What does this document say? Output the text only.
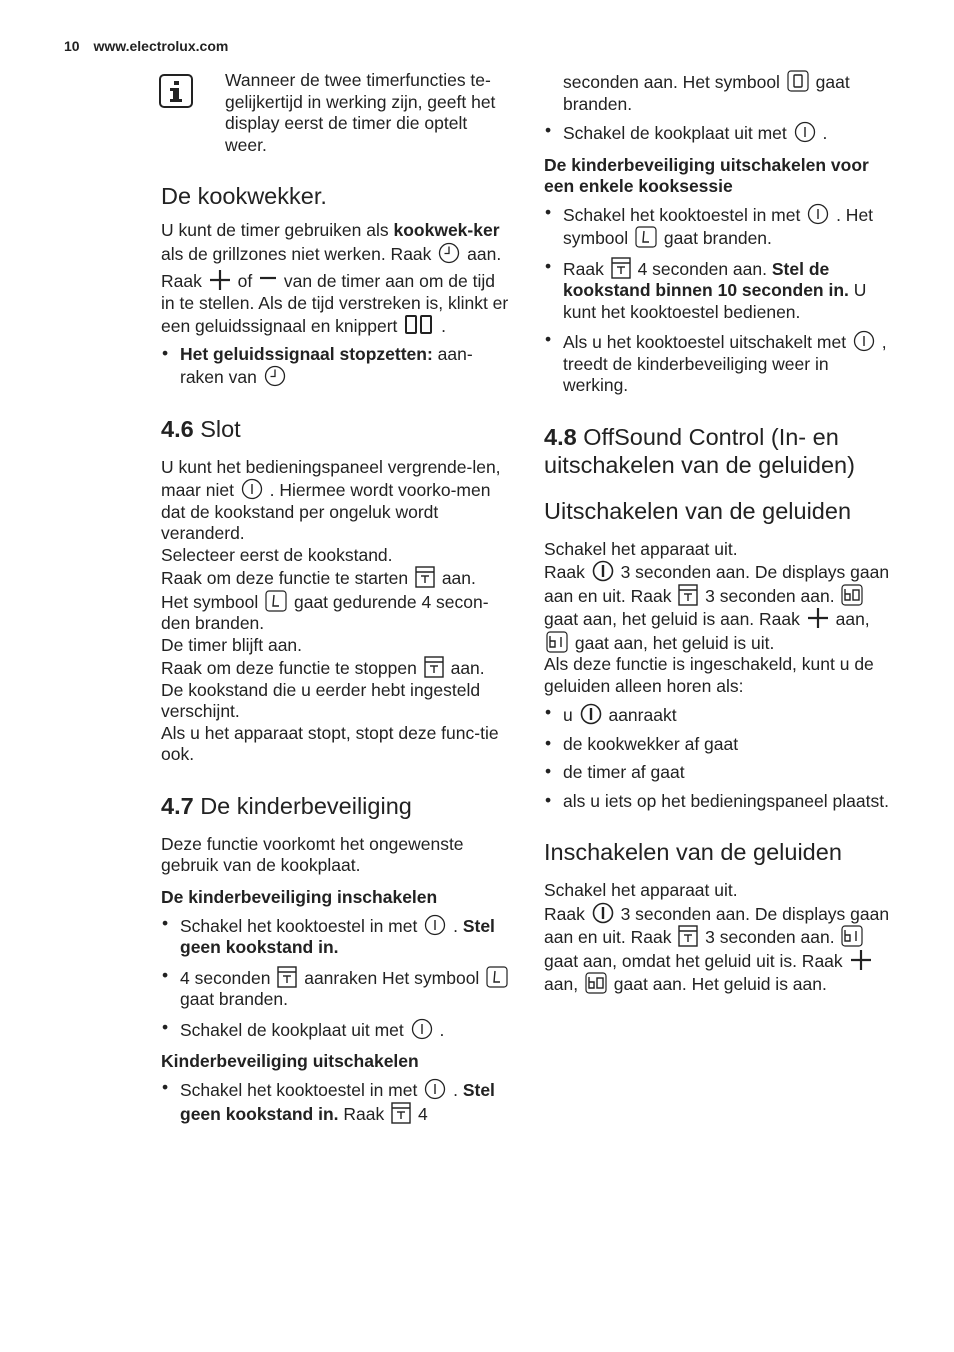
10 www.electrolux.com

Wanneer de twee timerfuncties te-gelijkertijd in werking zijn, geeft het display eerst de timer die optelt weer.

De kookwekker.

U kunt de timer gebruiken als kookwek-ker als de grillzones niet werken. Raak  aan.

Raak  of  van de timer aan om de tijd in te stellen. Als de tijd verstreken is, klinkt er een geluidssignaal en knippert  .

• Het geluidssignaal stopzetten: aan-raken van
4.6 Slot

U kunt het bedieningspaneel vergrende-len, maar niet  . Hiermee wordt voorko-men dat de kookstand per ongeluk wordt veranderd.

Selecteer eerst de kookstand.

Raak om deze functie te starten  aan.

Het symbool  gaat gedurende 4 secon-den branden.

De timer blijft aan.

Raak om deze functie te stoppen  aan.

De kookstand die u eerder hebt ingesteld verschijnt.

Als u het apparaat stopt, stopt deze func-tie ook.

4.7 De kinderbeveiliging

Deze functie voorkomt het ongewenste gebruik van de kookplaat.

De kinderbeveiliging inschakelen
• Schakel het kooktoestel in met  . Stel geen kookstand in.
• 4 seconden  aanraken Het symbool  gaat branden.
• Schakel de kookplaat uit met  .
Kinderbeveiliging uitschakelen
• Schakel het kooktoestel in met  . Stel geen kookstand in. Raak  4

seconden aan. Het symbool  gaat branden.

• Schakel de kookplaat uit met  .
De kinderbeveiliging uitschakelen voor een enkele kooksessie
• Schakel het kooktoestel in met  . Het symbool  gaat branden.
• Raak  4 seconden aan. Stel de kookstand binnen 10 seconden in. U kunt het kooktoestel bedienen.
• Als u het kooktoestel uitschakelt met  , treedt de kinderbeveiliging weer in werking.
4.8 OffSound Control (In- en uitschakelen van de geluiden)
Uitschakelen van de geluiden

Schakel het apparaat uit.

Raak  3 seconden aan. De displays gaan aan en uit. Raak  3 seconden aan.  gaat aan, het geluid is aan. Raak  aan,  gaat aan, het geluid is uit.

Als deze functie is ingeschakeld, kunt u de geluiden alleen horen als:

• u  aanraakt
• de kookwekker af gaat
• de timer af gaat
• als u iets op het bedieningspaneel plaatst.
Inschakelen van de geluiden

Schakel het apparaat uit.

Raak  3 seconden aan. De displays gaan aan en uit. Raak  3 seconden aan.  gaat aan, omdat het geluid uit is. Raak  aan,  gaat aan. Het geluid is aan.
